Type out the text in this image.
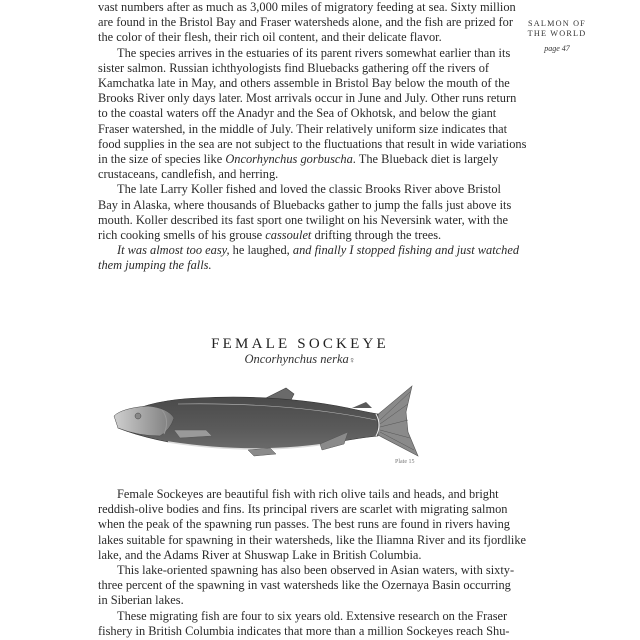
SALMON OF
THE WORLD
page 47
vast numbers after as much as 3,000 miles of migratory feeding at sea. Sixty million
are found in the Bristol Bay and Fraser watersheds alone, and the fish are prized for
the color of their flesh, their rich oil content, and their delicate flavor.
The species arrives in the estuaries of its parent rivers somewhat earlier than its
sister salmon. Russian ichthyologists find Bluebacks gathering off the rivers of
Kamchatka late in May, and others assemble in Bristol Bay below the mouth of the
Brooks River only days later. Most arrivals occur in June and July. Other runs return
to the coastal waters off the Anadyr and the Sea of Okhotsk, and below the giant
Fraser watershed, in the middle of July. Their relatively uniform size indicates that
food supplies in the sea are not subject to the fluctuations that result in wide variations
in the size of species like Oncorhynchus gorbuscha. The Blueback diet is largely
crustaceans, candlefish, and herring.
The late Larry Koller fished and loved the classic Brooks River above Bristol
Bay in Alaska, where thousands of Bluebacks gather to jump the falls just above its
mouth. Koller described its fast sport one twilight on his Neversink water, with the
rich cooking smells of his grouse cassoulet drifting through the trees.
It was almost too easy, he laughed, and finally I stopped fishing and just watched
them jumping the falls.
FEMALE SOCKEYE
Oncorhynchus nerka♀
Plate 15
Female Sockeyes are beautiful fish with rich olive tails and heads, and bright
reddish-olive bodies and fins. Its principal rivers are scarlet with migrating salmon
when the peak of the spawning run passes. The best runs are found in rivers having
lakes suitable for spawning in their watersheds, like the Iliamna River and its fjordlike
lake, and the Adams River at Shuswap Lake in British Columbia.
This lake-oriented spawning has also been observed in Asian waters, with sixty-
three percent of the spawning in vast watersheds like the Ozernaya Basin occurring
in Siberian lakes.
These migrating fish are four to six years old. Extensive research on the Fraser
fishery in British Columbia indicates that more than a million Sockeyes reach Shu-
